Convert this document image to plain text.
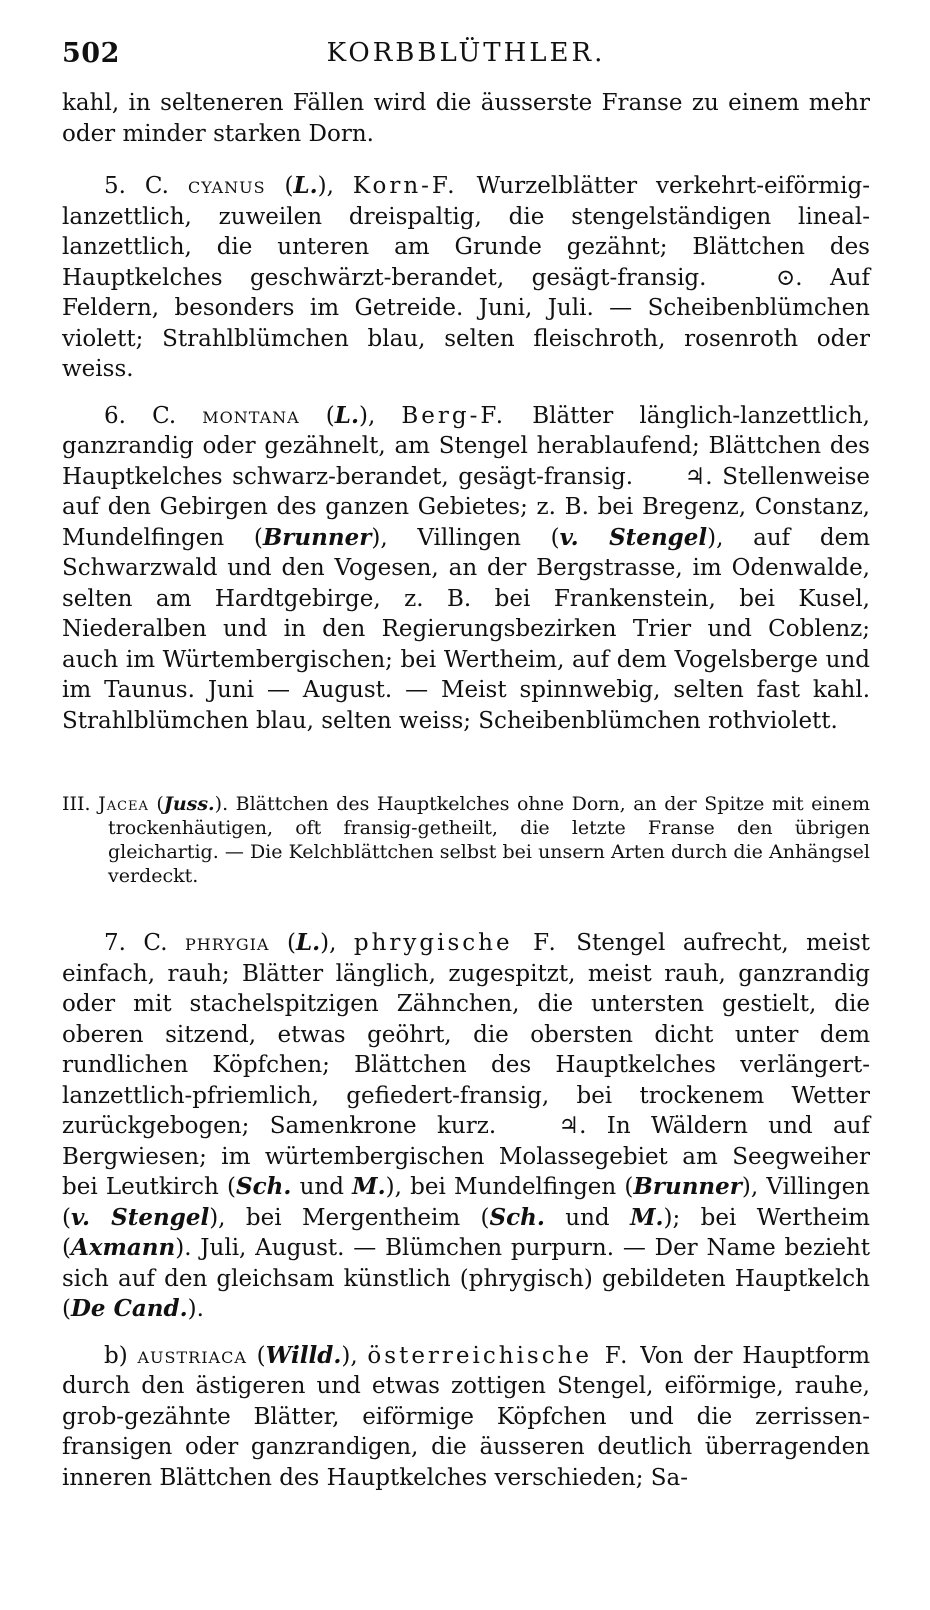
502	KORBBLÜTHLER.

kahl, in selteneren Fällen wird die äusserste Franse zu einem mehr oder minder starken Dorn.

5. C. cyanus (L.), Korn-F. Wurzelblätter verkehrt-eiförmig-lanzettlich, zuweilen dreispaltig, die stengelständigen lineal-lanzettlich, die unteren am Grunde gezähnt; Blättchen des Hauptkelches geschwärzt-berandet, gesägt-fransig.	⊙. Auf Feldern, besonders im Getreide. Juni, Juli. — Scheibenblümchen violett; Strahlblümchen blau, selten fleischroth, rosenroth oder weiss.

6. C. montana (L.), Berg-F. Blätter länglich-lanzettlich, ganzrandig oder gezähnelt, am Stengel herablaufend; Blättchen des Hauptkelches schwarz-berandet, gesägt-fransig. ♃. Stellenweise auf den Gebirgen des ganzen Gebietes; z. B. bei Bregenz, Constanz, Mundelfingen (Brunner), Villingen (v. Stengel), auf dem Schwarzwald und den Vogesen, an der Bergstrasse, im Odenwalde, selten am Hardtgebirge, z. B. bei Frankenstein, bei Kusel, Niederalben und in den Regierungsbezirken Trier und Coblenz; auch im Würtembergischen; bei Wertheim, auf dem Vogelsberge und im Taunus. Juni — August. — Meist spinnwebig, selten fast kahl. Strahlblümchen blau, selten weiss; Scheibenblümchen rothviolett.

III. Jacea (Juss.). Blättchen des Hauptkelches ohne Dorn, an der Spitze mit einem trockenhäutigen, oft fransig-getheilt, die letzte Franse den übrigen gleichartig. — Die Kelchblättchen selbst bei unsern Arten durch die Anhängsel verdeckt.

7. C. phrygia (L.), phrygische F. Stengel aufrecht, meist einfach, rauh; Blätter länglich, zugespitzt, meist rauh, ganzrandig oder mit stachelspitzigen Zähnchen, die untersten gestielt, die oberen sitzend, etwas geöhrt, die obersten dicht unter dem rundlichen Köpfchen; Blättchen des Hauptkelches verlängert-lanzettlich-pfriemlich, gefiedert-fransig, bei trockenem Wetter zurückgebogen; Samenkrone kurz.	♃. In Wäldern und auf Bergwiesen; im würtembergischen Molassegebiet am Seegweiher bei Leutkirch (Sch. und M.), bei Mundelfingen (Brunner), Villingen (v. Stengel), bei Mergentheim (Sch. und M.); bei Wertheim (Axmann). Juli, August. — Blümchen purpurn. — Der Name bezieht sich auf den gleichsam künstlich (phrygisch) gebildeten Hauptkelch (De Cand.).

b) austriaca (Willd.), österreichische F. Von der Hauptform durch den ästigeren und etwas zottigen Stengel, eiförmige, rauhe, grob-gezähnte Blätter, eiförmige Köpfchen und die zerrissen-fransigen oder ganzrandigen, die äusseren deutlich überragenden inneren Blättchen des Hauptkelches verschieden; Sa-
